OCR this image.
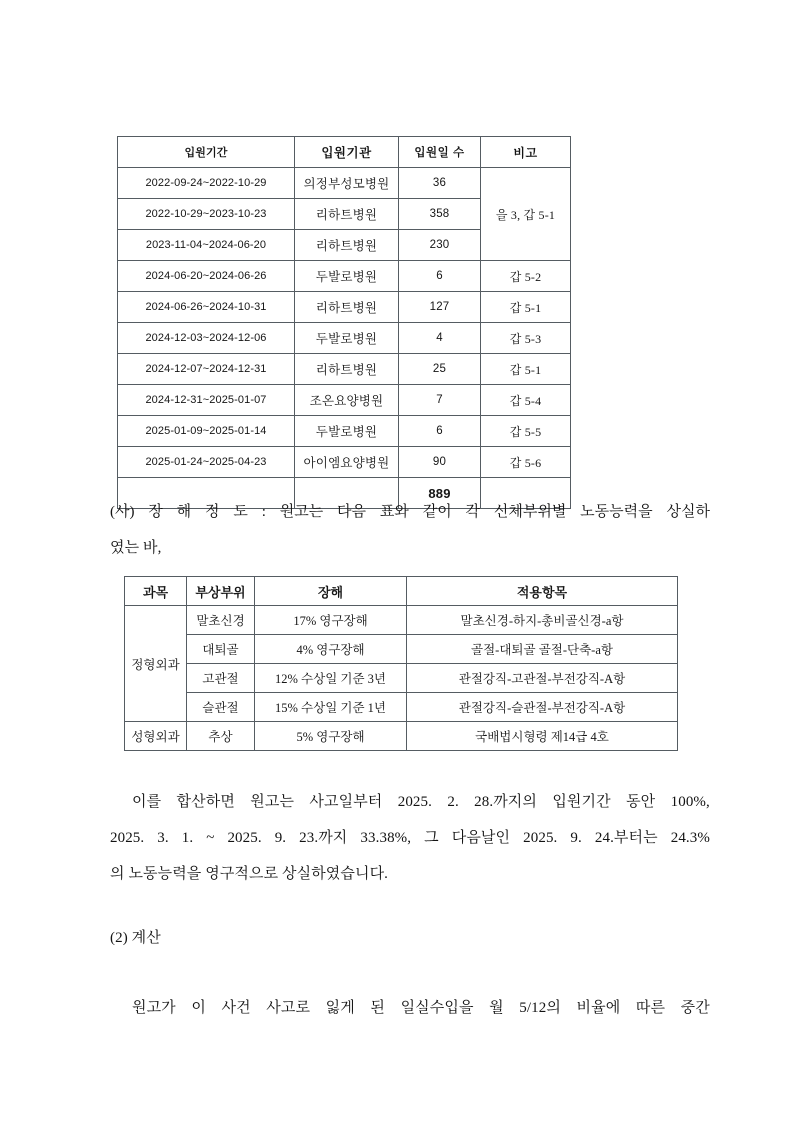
입원기간	입원기관	입원일 수	비고
2022-09-24~2022-10-29	의정부성모병원	36	을 3, 갑 5-1
2022-10-29~2023-10-23	리하트병원	358	
2023-11-04~2024-06-20	리하트병원	230	
2024-06-20~2024-06-26	두발로병원	6	갑 5-2
2024-06-26~2024-10-31	리하트병원	127	갑 5-1
2024-12-03~2024-12-06	두발로병원	4	갑 5-3
2024-12-07~2024-12-31	리하트병원	25	갑 5-1
2024-12-31~2025-01-07	조온요양병원	7	갑 5-4
2025-01-09~2025-01-14	두발로병원	6	갑 5-5
2025-01-24~2025-04-23	아이엠요양병원	90	갑 5-6
		889	
(사) 장 해 정 도 : 원고는 다음 표와 같이 각 신체부위별 노동능력을 상실하
였는 바,
과목	부상부위	장해	적용항목
정형외과	말초신경	17% 영구장해	말초신경-하지-총비골신경-a항
	대퇴골	4% 영구장해	골절-대퇴골 골절-단축-a항
	고관절	12% 수상일 기준 3년	관절강직-고관절-부전강직-A항
	슬관절	15% 수상일 기준 1년	관절강직-슬관절-부전강직-A항
성형외과	추상	5% 영구장해	국배법시형령 제14급 4호
이를 합산하면 원고는 사고일부터 2025. 2. 28.까지의 입원기간 동안 100%,
2025. 3. 1. ~ 2025. 9. 23.까지 33.38%, 그 다음날인 2025. 9. 24.부터는 24.3%
의 노동능력을 영구적으로 상실하였습니다.
(2) 계산
원고가 이 사건 사고로 잃게 된 일실수입을 월 5/12의 비율에 따른 중간
